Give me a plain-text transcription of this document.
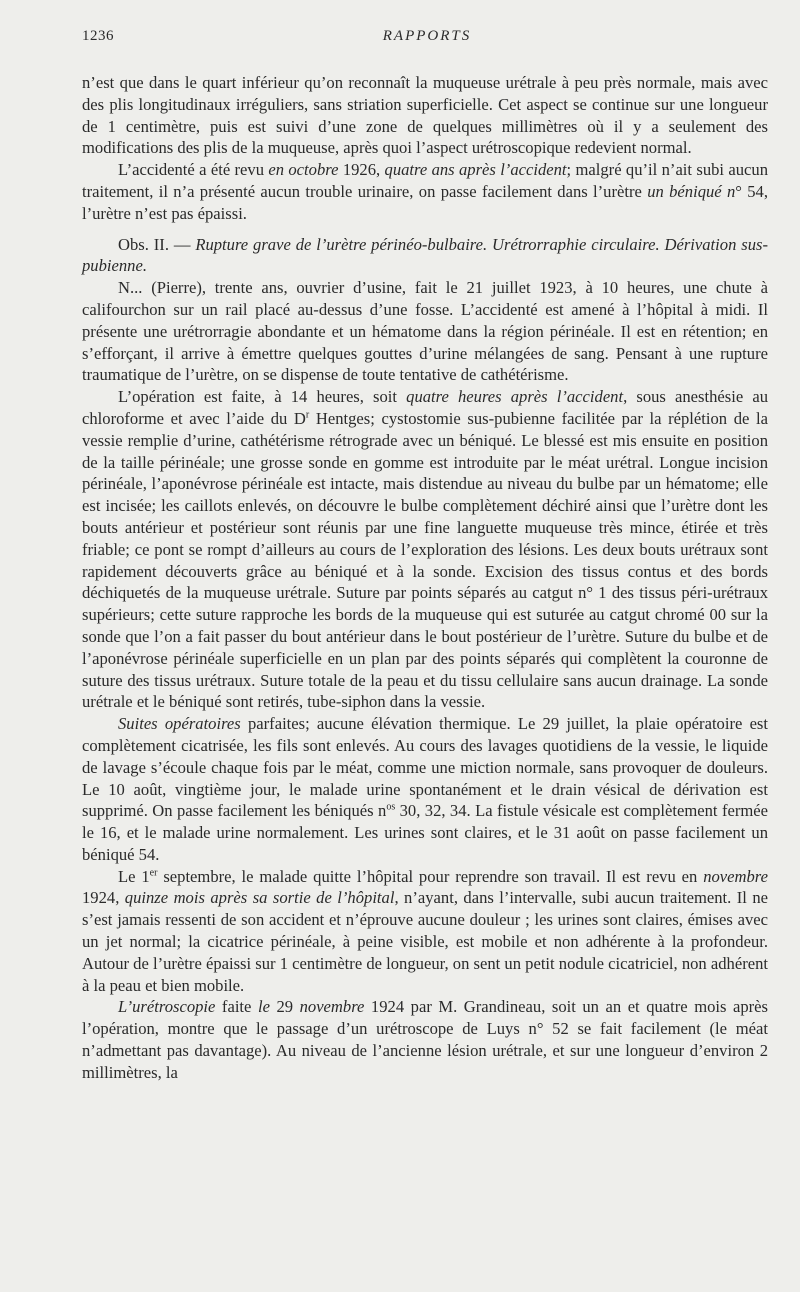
1236	RAPPORTS

n’est que dans le quart inférieur qu’on reconnaît la muqueuse urétrale à peu près normale, mais avec des plis longitudinaux irréguliers, sans striation superficielle. Cet aspect se continue sur une longueur de 1 centimètre, puis est suivi d’une zone de quelques millimètres où il y a seulement des modifications des plis de la muqueuse, après quoi l’aspect urétroscopique redevient normal.

L’accidenté a été revu en octobre 1926, quatre ans après l’accident; malgré qu’il n’ait subi aucun traitement, il n’a présenté aucun trouble urinaire, on passe facilement dans l’urètre un béniqué n° 54, l’urètre n’est pas épaissi.

Obs. II. — Rupture grave de l’urètre périnéo-bulbaire. Urétrorraphie circulaire. Dérivation sus-pubienne.

N... (Pierre), trente ans, ouvrier d’usine, fait le 21 juillet 1923, à 10 heures, une chute à califourchon sur un rail placé au-dessus d’une fosse. L’accidenté est amené à l’hôpital à midi. Il présente une urétrorragie abondante et un hématome dans la région périnéale. Il est en rétention; en s’efforçant, il arrive à émettre quelques gouttes d’urine mélangées de sang. Pensant à une rupture traumatique de l’urètre, on se dispense de toute tentative de cathétérisme.

L’opération est faite, à 14 heures, soit quatre heures après l’accident, sous anesthésie au chloroforme et avec l’aide du $D^r$ Hentges; cystostomie sus-pubienne facilitée par la réplétion de la vessie remplie d’urine, cathétérisme rétrograde avec un béniqué. Le blessé est mis ensuite en position de la taille périnéale; une grosse sonde en gomme est introduite par le méat urétral. Longue incision périnéale, l’aponévrose périnéale est intacte, mais distendue au niveau du bulbe par un hématome; elle est incisée; les caillots enlevés, on découvre le bulbe complètement déchiré ainsi que l’urètre dont les bouts antérieur et postérieur sont réunis par une fine languette muqueuse très mince, étirée et très friable; ce pont se rompt d’ailleurs au cours de l’exploration des lésions. Les deux bouts urétraux sont rapidement découverts grâce au béniqué et à la sonde. Excision des tissus contus et des bords déchiquetés de la muqueuse urétrale. Suture par points séparés au catgut n° 1 des tissus péri-urétraux supérieurs; cette suture rapproche les bords de la muqueuse qui est suturée au catgut chromé 00 sur la sonde que l’on a fait passer du bout antérieur dans le bout postérieur de l’urètre. Suture du bulbe et de l’aponévrose périnéale superficielle en un plan par des points séparés qui complètent la couronne de suture des tissus urétraux. Suture totale de la peau et du tissu cellulaire sans aucun drainage. La sonde urétrale et le béniqué sont retirés, tube-siphon dans la vessie.

Suites opératoires parfaites; aucune élévation thermique. Le 29 juillet, la plaie opératoire est complètement cicatrisée, les fils sont enlevés. Au cours des lavages quotidiens de la vessie, le liquide de lavage s’écoule chaque fois par le méat, comme une miction normale, sans provoquer de douleurs. Le 10 août, vingtième jour, le malade urine spontanément et le drain vésical de dérivation est supprimé. On passe facilement les béniqués $n^{os}$ 30, 32, 34. La fistule vésicale est complètement fermée le 16, et le malade urine normalement. Les urines sont claires, et le 31 août on passe facilement un béniqué 54.

Le 1er septembre, le malade quitte l’hôpital pour reprendre son travail. Il est revu en novembre 1924, quinze mois après sa sortie de l’hôpital, n’ayant, dans l’intervalle, subi aucun traitement. Il ne s’est jamais ressenti de son accident et n’éprouve aucune douleur ; les urines sont claires, émises avec un jet normal; la cicatrice périnéale, à peine visible, est mobile et non adhérente à la profondeur. Autour de l’urètre épaissi sur 1 centimètre de longueur, on sent un petit nodule cicatriciel, non adhérent à la peau et bien mobile.

L’urétroscopie faite le 29 novembre 1924 par M. Grandineau, soit un an et quatre mois après l’opération, montre que le passage d’un urétroscope de Luys n° 52 se fait facilement (le méat n’admettant pas davantage). Au niveau de l’ancienne lésion urétrale, et sur une longueur d’environ 2 millimètres, la
